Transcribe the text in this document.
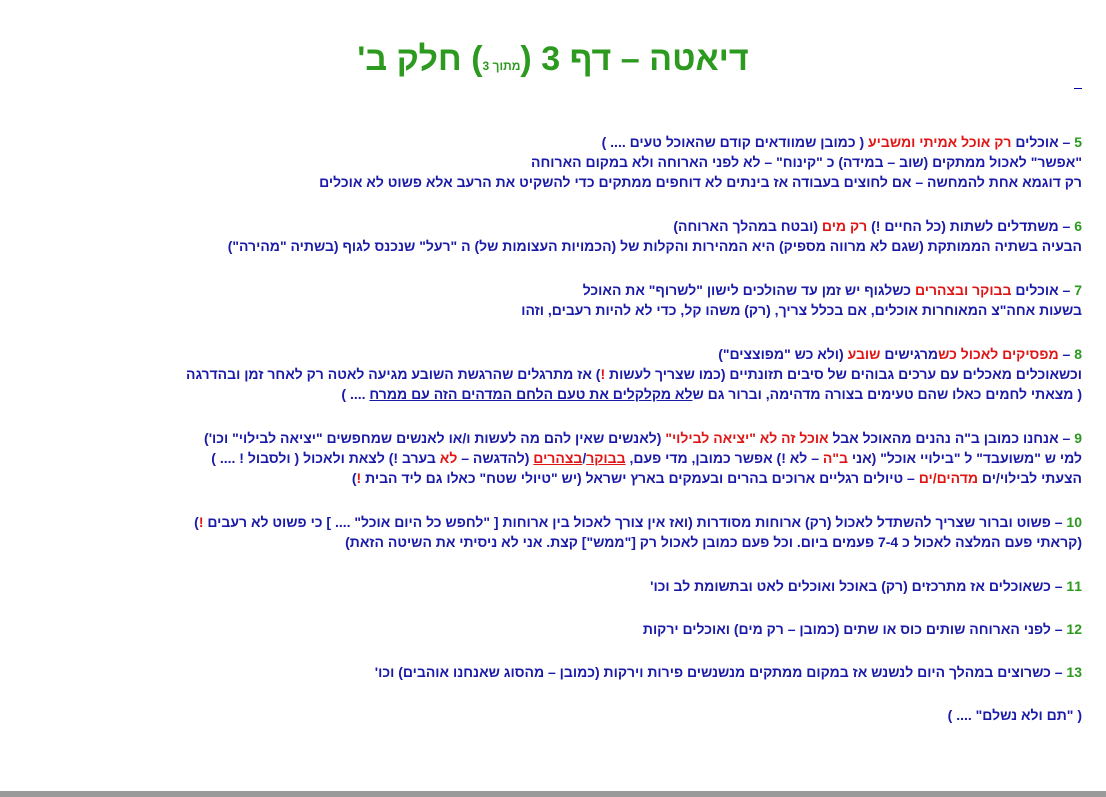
דיאטה – דף 3 (מתוך 3) חלק ב'
5 – אוכלים רק אוכל אמיתי ומשביע ( כמובן שמוודאים קודם שהאוכל טעים .... )
"אפשר" לאכול ממתקים (שוב – במידה) כ "קינוח" – לא לפני הארוחה ולא במקום הארוחה
רק דוגמא אחת להמחשה – אם לחוצים בעבודה אז בינתים לא דוחפים ממתקים כדי להשקיט את הרעב אלא פשוט לא אוכלים
6 – משתדלים לשתות (כל החיים !) רק מים (ובטח במהלך הארוחה)
הבעיה בשתיה הממותקת (שגם לא מרווה מספיק) היא המהירות והקלות של (הכמויות העצומות של) ה "רעל" שנכנס לגוף (בשתיה "מהירה")
7 – אוכלים בבוקר ובצהרים כשלגוף יש זמן עד שהולכים לישון "לשרוף" את האוכל
בשעות אחה"צ המאוחרות אוכלים, אם בכלל צריך, (רק) משהו קל, כדי לא להיות רעבים, וזהו
8 – מפסיקים לאכול כשמרגישים שובע (ולא כש "מפוצצים")
וכשאוכלים מאכלים עם ערכים גבוהים של סיבים תזונתיים (כמו שצריך לעשות !) אז מתרגלים שהרגשת השובע מגיעה לאטה רק לאחר זמן ובהדרגה
( מצאתי לחמים כאלו שהם טעימים בצורה מדהימה, וברור גם שלא מקלקלים את טעם הלחם המדהים הזה עם ממרח .... )
9 – אנחנו כמובן ב"ה נהנים מהאוכל אבל אוכל זה לא "יציאה לבילוי" (לאנשים שאין להם מה לעשות ו/או לאנשים שמחפשים "יציאה לבילוי" וכו')
למי ש "משועבד" ל "בילויי אוכל" (אני ב"ה – לא !) אפשר כמובן, מדי פעם, בבוקר/בצהרים (להדגשה – לא בערב !) לצאת ולאכול ( ולסבול ! .... )
הצעתי לבילוי/ים מדהים/ים – טיולים רגליים ארוכים בהרים ובעמקים בארץ ישראל (יש "טיולי שטח" כאלו גם ליד הבית !)
10 – פשוט וברור שצריך להשתדל לאכול (רק) ארוחות מסודרות (ואז אין צורך לאכול בין ארוחות [ "לחפש כל היום אוכל" .... ] כי פשוט לא רעבים !)
(קראתי פעם המלצה לאכול כ 7-4 פעמים ביום. וכל פעם כמובן לאכול רק ["ממש"] קצת. אני לא ניסיתי את השיטה הזאת)
11 – כשאוכלים אז מתרכזים (רק) באוכל ואוכלים לאט ובתשומת לב וכו'
12 – לפני הארוחה שותים כוס או שתים (כמובן – רק מים) ואוכלים ירקות
13 – כשרוצים במהלך היום לנשנש אז במקום ממתקים מנשנשים פירות וירקות (כמובן – מהסוג שאנחנו אוהבים) וכו'
( "תם ולא נשלם" .... )
